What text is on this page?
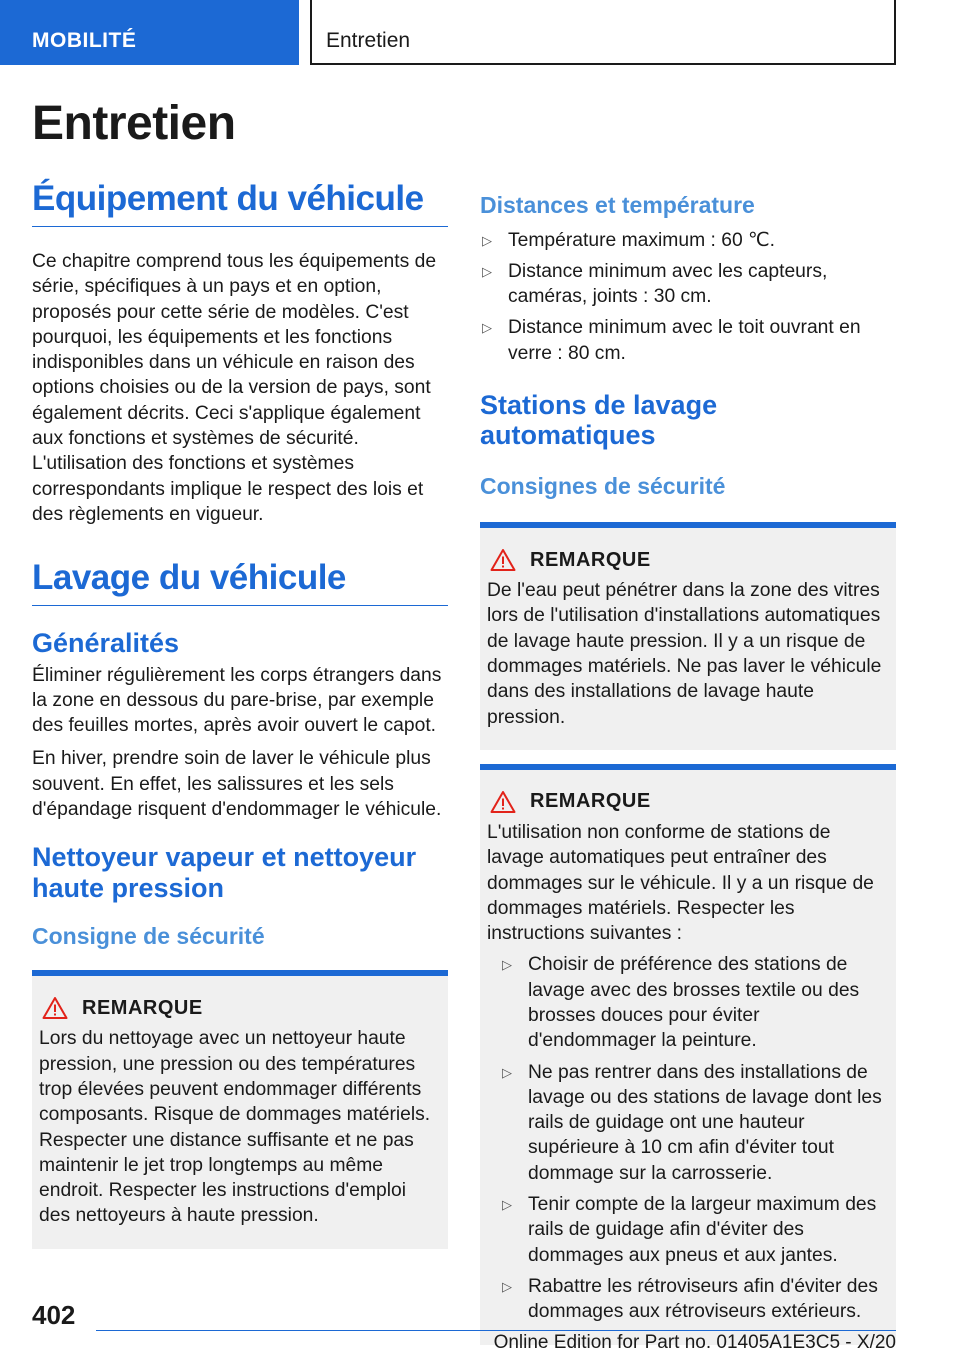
MOBILITÉ	Entretien
Entretien
Équipement du véhicule

Ce chapitre comprend tous les équipements de série, spécifiques à un pays et en option, proposés pour cette série de modèles. C'est pourquoi, les équipements et les fonctions indisponibles dans un véhicule en raison des options choisies ou de la version de pays, sont également décrits. Ceci s'applique également aux fonctions et systèmes de sécurité. L'utilisation des fonctions et systèmes correspondants implique le respect des lois et des règlements en vigueur.

Lavage du véhicule
Généralités

Éliminer régulièrement les corps étrangers dans la zone en dessous du pare-brise, par exemple des feuilles mortes, après avoir ouvert le capot.

En hiver, prendre soin de laver le véhicule plus souvent. En effet, les salissures et les sels d'épandage risquent d'endommager le véhicule.

Nettoyeur vapeur et nettoyeur haute pression
Consigne de sécurité
REMARQUE

Lors du nettoyage avec un nettoyeur haute pression, une pression ou des températures trop élevées peuvent endommager différents composants. Risque de dommages matériels. Respecter une distance suffisante et ne pas maintenir le jet trop longtemps au même endroit. Respecter les instructions d'emploi des nettoyeurs à haute pression.

Distances et température
▷ Température maximum : 60 ℃.
▷ Distance minimum avec les capteurs, caméras, joints : 30 cm.
▷ Distance minimum avec le toit ouvrant en verre : 80 cm.
Stations de lavage automatiques
Consignes de sécurité
REMARQUE

De l'eau peut pénétrer dans la zone des vitres lors de l'utilisation d'installations automatiques de lavage haute pression. Il y a un risque de dommages matériels. Ne pas laver le véhicule dans des installations de lavage haute pression.

REMARQUE

L'utilisation non conforme de stations de lavage automatiques peut entraîner des dommages sur le véhicule. Il y a un risque de dommages matériels. Respecter les instructions suivantes :

▷ Choisir de préférence des stations de lavage avec des brosses textile ou des brosses douces pour éviter d'endommager la peinture.
▷ Ne pas rentrer dans des installations de lavage ou des stations de lavage dont les rails de guidage ont une hauteur supérieure à 10 cm afin d'éviter tout dommage sur la carrosserie.
▷ Tenir compte de la largeur maximum des rails de guidage afin d'éviter des dommages aux pneus et aux jantes.
▷ Rabattre les rétroviseurs afin d'éviter des dommages aux rétroviseurs extérieurs.
402
Online Edition for Part no. 01405A1E3C5 - X/20
